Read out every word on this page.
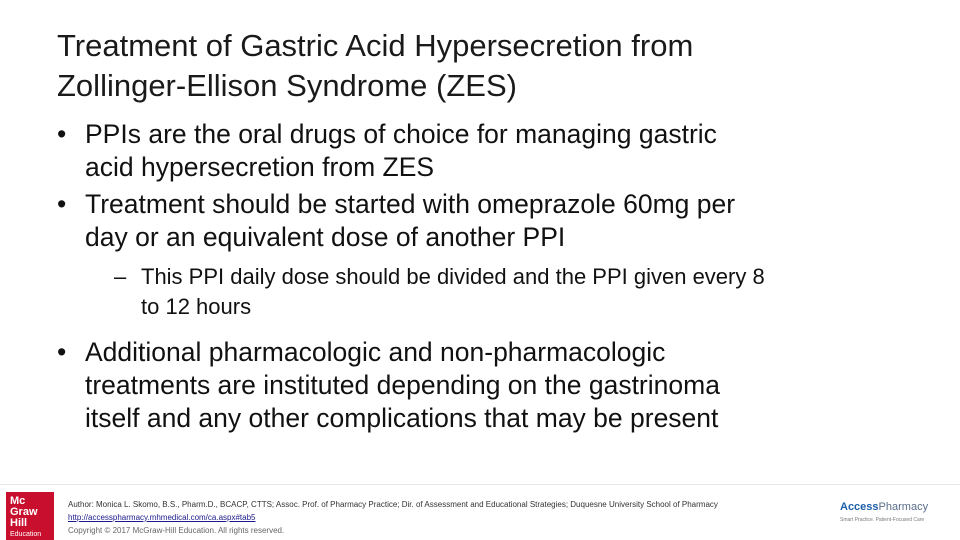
Treatment of Gastric Acid Hypersecretion from
Zollinger-Ellison Syndrome (ZES)
• PPIs are the oral drugs of choice for managing gastric
acid hypersecretion from ZES
• Treatment should be started with omeprazole 60mg per
day or an equivalent dose of another PPI
– This PPI daily dose should be divided and the PPI given every 8
to 12 hours
• Additional pharmacologic and non-pharmacologic
treatments are instituted depending on the gastrinoma
itself and any other complications that may be present
Mc
Graw
Hill
Education
Author: Monica L. Skomo, B.S., Pharm.D., BCACP, CTTS; Assoc. Prof. of Pharmacy Practice; Dir. of Assessment and Educational Strategies; Duquesne University School of Pharmacy
http://accesspharmacy.mhmedical.com/ca.aspx#tab5
Copyright © 2017 McGraw-Hill Education. All rights reserved.
AccessPharmacy
Smart Practice. Patient-Focused Care
